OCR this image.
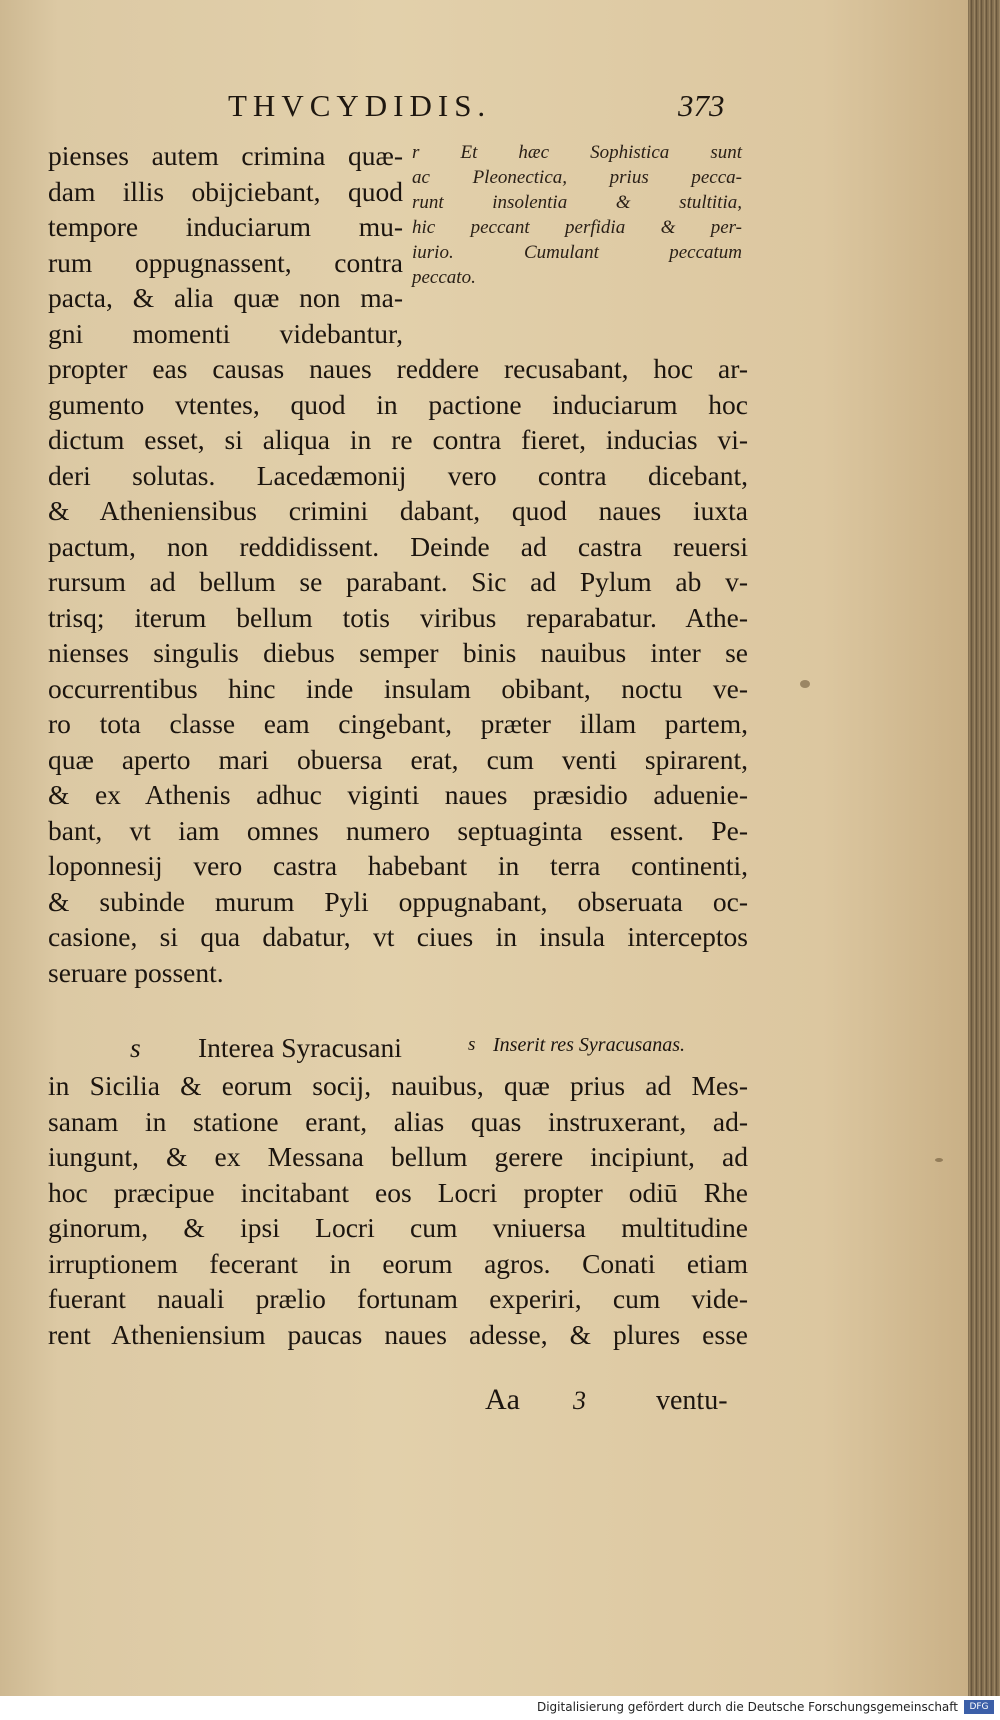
THVCYDIDIS.	373
pienses autem crimina quæ-
dam illis obijciebant, quod
tempore induciarum mu-
rum oppugnassent, contra
pacta, & alia quæ non ma-
gni momenti videbantur,
r Et hæc Sophistica sunt
ac Pleonectica, prius pecca-
runt insolentia & stultitia,
hic peccant perfidia & per-
iurio. Cumulant peccatum
peccato.
propter eas causas naues reddere recusabant, hoc ar-
gumento vtentes, quod in pactione induciarum hoc
dictum esset, si aliqua in re contra fieret, inducias vi-
deri solutas. Lacedæmonij vero contra dicebant,
& Atheniensibus crimini dabant, quod naues iuxta
pactum, non reddidissent. Deinde ad castra reuersi
rursum ad bellum se parabant. Sic ad Pylum ab v-
trisq; iterum bellum totis viribus reparabatur. Athe-
nienses singulis diebus semper binis nauibus inter se
occurrentibus hinc inde insulam obibant, noctu ve-
ro tota classe eam cingebant, præter illam partem,
quæ aperto mari obuersa erat, cum venti spirarent,
& ex Athenis adhuc viginti naues præsidio aduenie-
bant, vt iam omnes numero septuaginta essent. Pe-
loponnesij vero castra habebant in terra continenti,
& subinde murum Pyli oppugnabant, obseruata oc-
casione, si qua dabatur, vt ciues in insula interceptos
seruare possent.
s Interea Syracusani	s Inserit res Syracusanas.
in Sicilia & eorum socij, nauibus, quæ prius ad Mes-
sanam in statione erant, alias quas instruxerant, ad-
iungunt, & ex Messana bellum gerere incipiunt, ad
hoc præcipue incitabant eos Locri propter odiū Rhe
ginorum, & ipsi Locri cum vniuersa multitudine
irruptionem fecerant in eorum agros. Conati etiam
fuerant nauali prælio fortunam experiri, cum vide-
rent Atheniensium paucas naues adesse, & plures esse
Aa 3	ventu-
Digitalisierung gefördert durch die Deutsche Forschungsgemeinschaft	DFG
